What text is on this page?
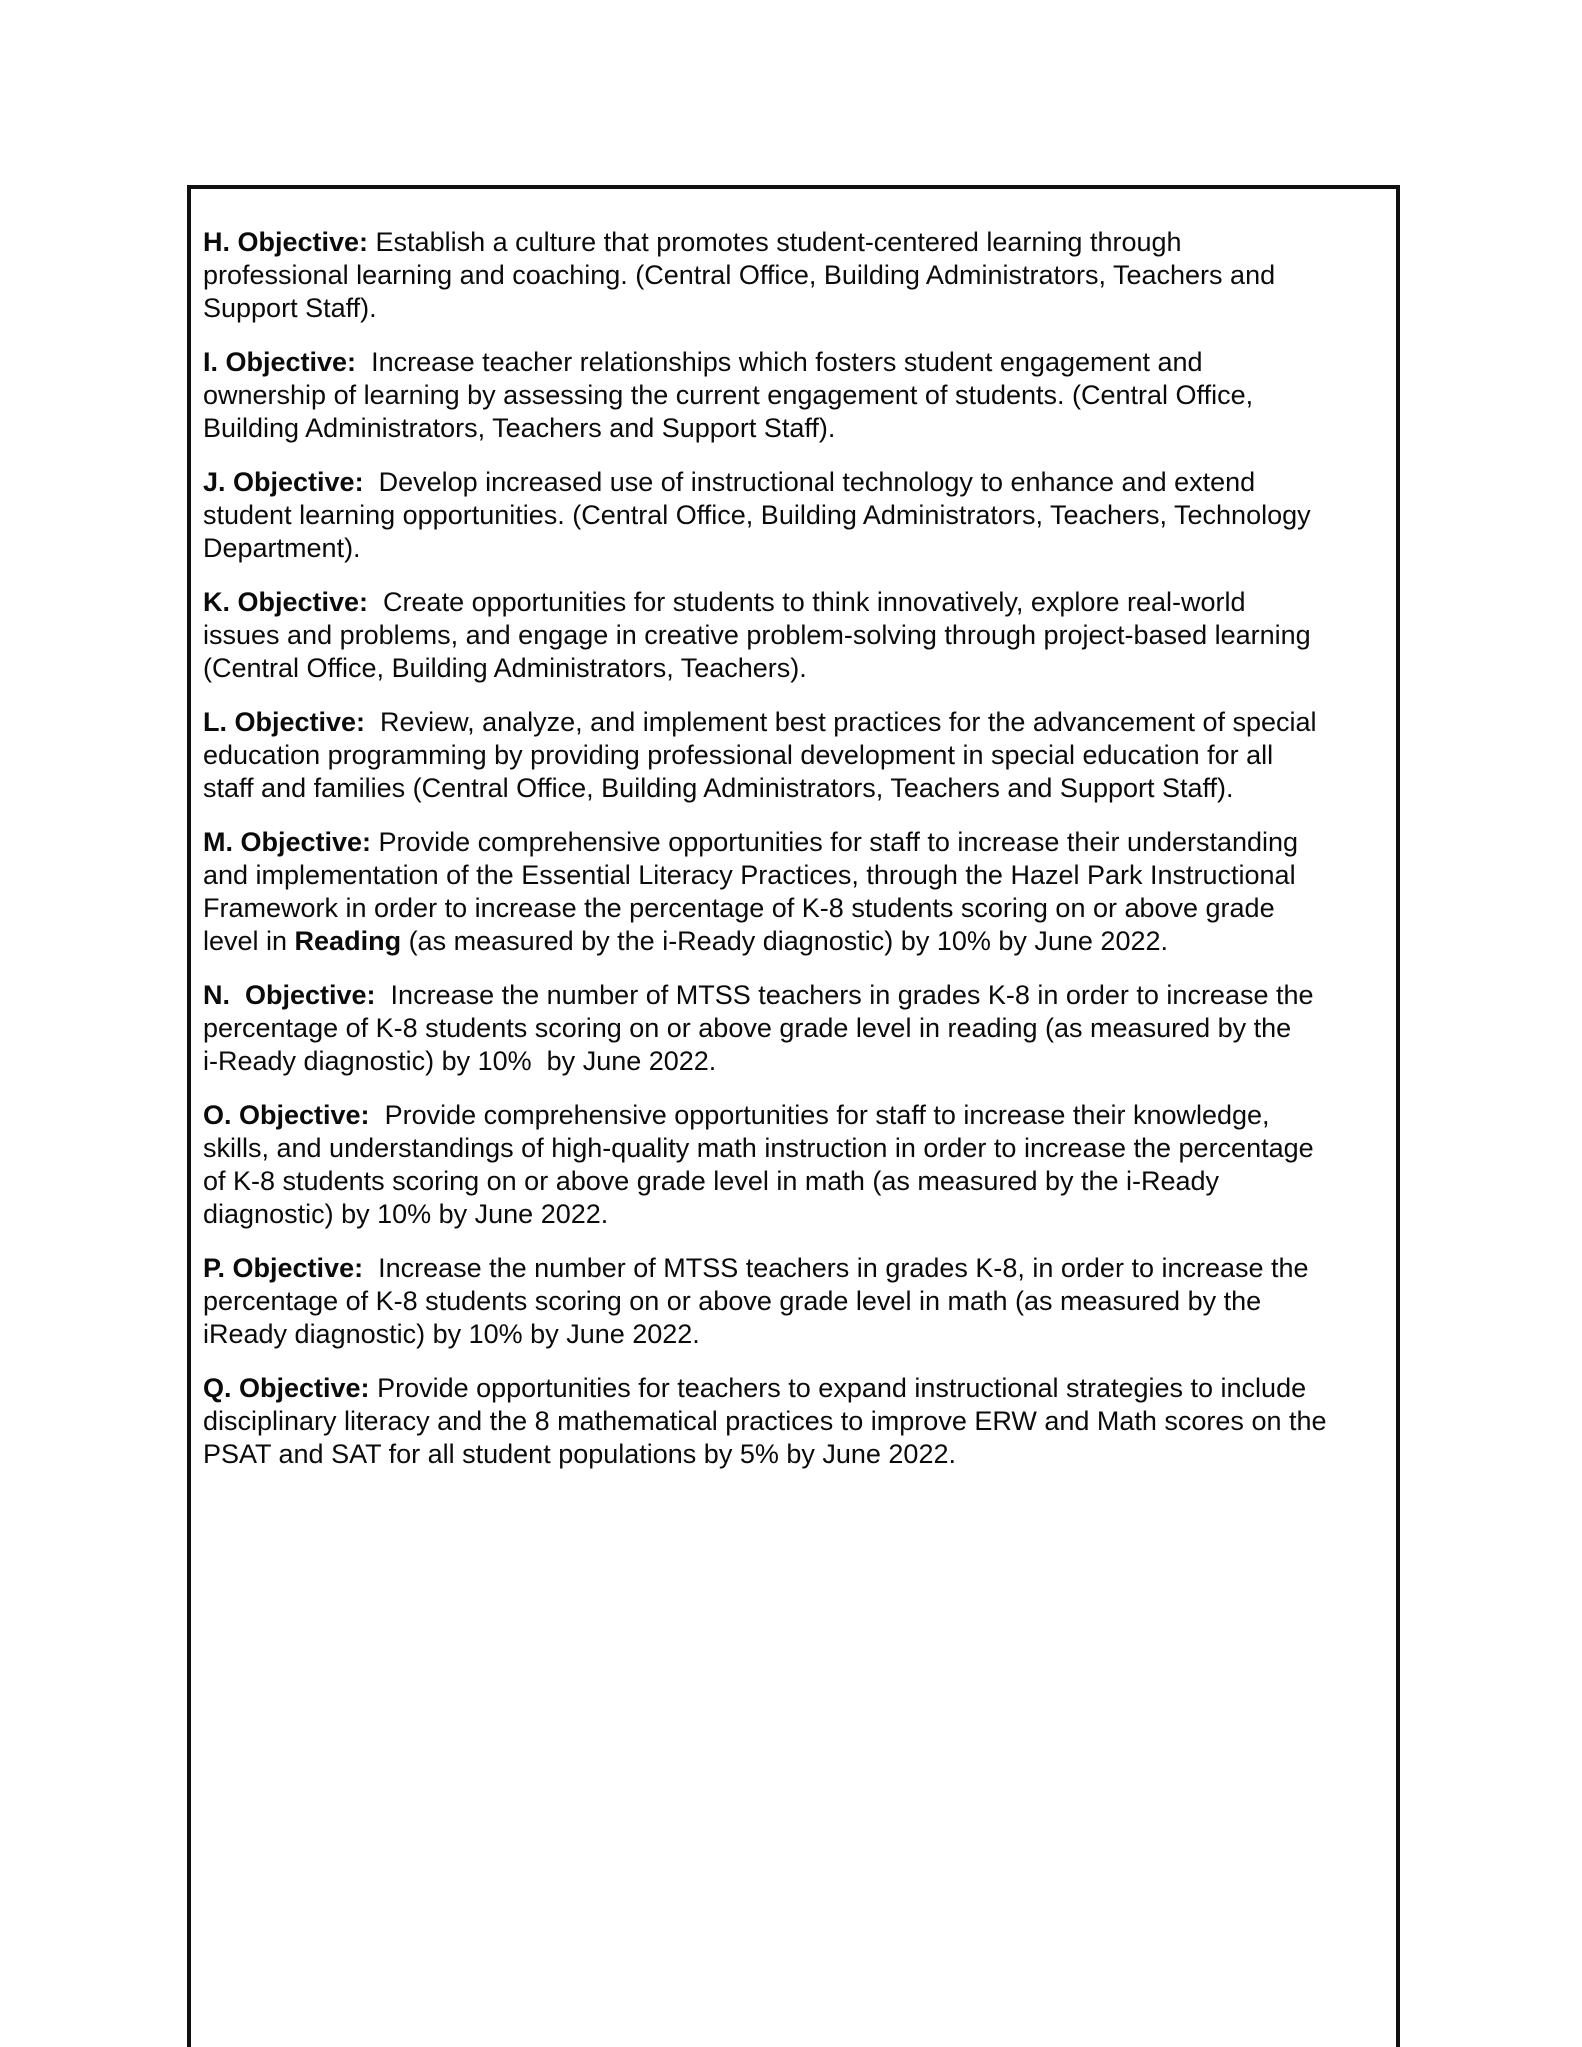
H. Objective: Establish a culture that promotes student-centered learning through
professional learning and coaching. (Central Office, Building Administrators, Teachers and
Support Staff).

I. Objective:  Increase teacher relationships which fosters student engagement and
ownership of learning by assessing the current engagement of students. (Central Office,
Building Administrators, Teachers and Support Staff).

J. Objective:  Develop increased use of instructional technology to enhance and extend
student learning opportunities. (Central Office, Building Administrators, Teachers, Technology
Department).

K. Objective:  Create opportunities for students to think innovatively, explore real-world
issues and problems, and engage in creative problem-solving through project-based learning
(Central Office, Building Administrators, Teachers).

L. Objective:  Review, analyze, and implement best practices for the advancement of special
education programming by providing professional development in special education for all
staff and families (Central Office, Building Administrators, Teachers and Support Staff).

M. Objective: Provide comprehensive opportunities for staff to increase their understanding
and implementation of the Essential Literacy Practices, through the Hazel Park Instructional
Framework in order to increase the percentage of K-8 students scoring on or above grade
level in Reading (as measured by the i-Ready diagnostic) by 10% by June 2022.

N.  Objective:  Increase the number of MTSS teachers in grades K-8 in order to increase the
percentage of K-8 students scoring on or above grade level in reading (as measured by the
i-Ready diagnostic) by 10%  by June 2022.

O. Objective:  Provide comprehensive opportunities for staff to increase their knowledge,
skills, and understandings of high-quality math instruction in order to increase the percentage
of K-8 students scoring on or above grade level in math (as measured by the i-Ready
diagnostic) by 10% by June 2022.

P. Objective:  Increase the number of MTSS teachers in grades K-8, in order to increase the
percentage of K-8 students scoring on or above grade level in math (as measured by the
iReady diagnostic) by 10% by June 2022.

Q. Objective: Provide opportunities for teachers to expand instructional strategies to include
disciplinary literacy and the 8 mathematical practices to improve ERW and Math scores on the
PSAT and SAT for all student populations by 5% by June 2022.
